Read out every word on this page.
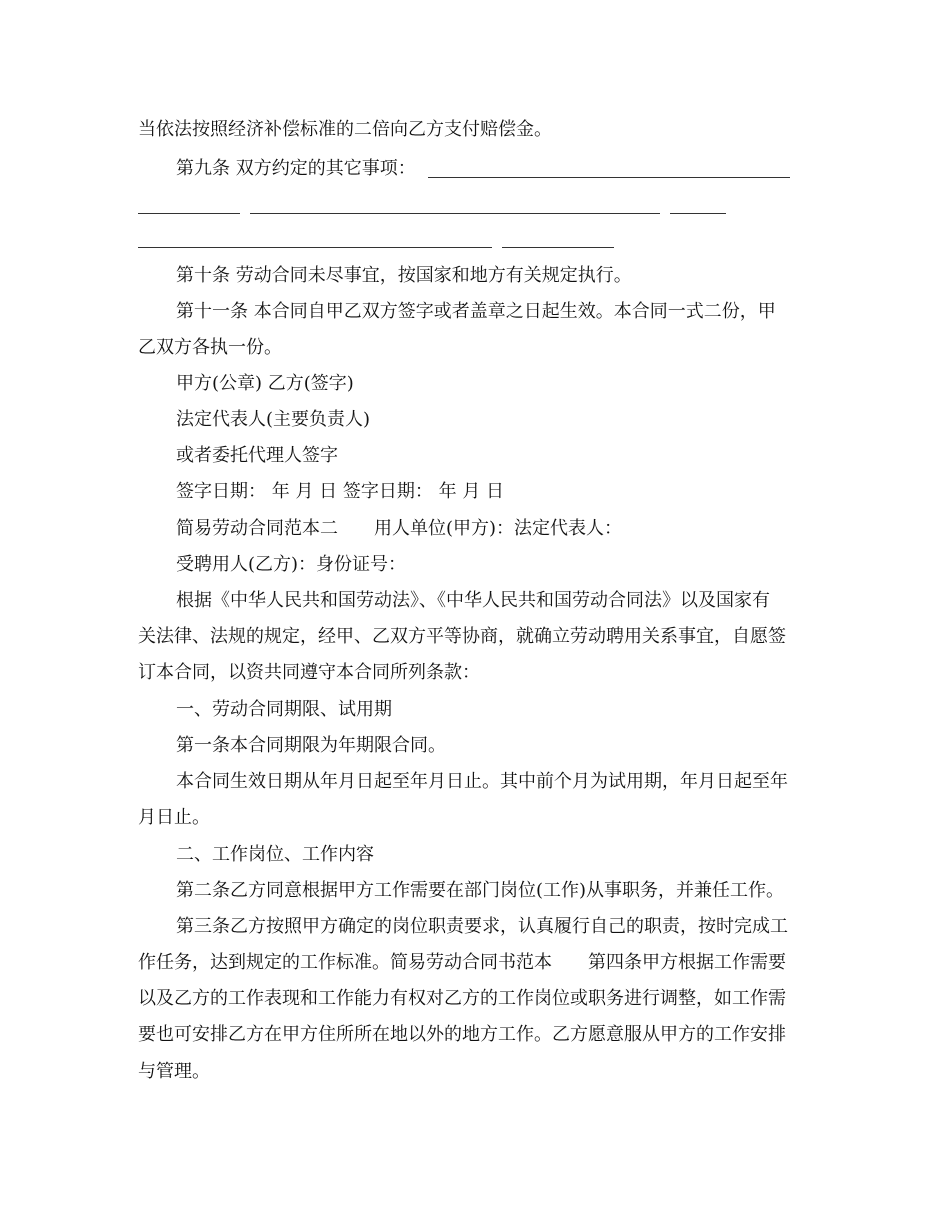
当依法按照经济补偿标准的二倍向乙方支付赔偿金。
第九条 双方约定的其它事项：
第十条 劳动合同未尽事宜，按国家和地方有关规定执行。
第十一条 本合同自甲乙双方签字或者盖章之日起生效。本合同一式二份，甲
乙双方各执一份。
甲方(公章) 乙方(签字)
法定代表人(主要负责人)
或者委托代理人签字
签字日期： 年 月 日 签字日期： 年 月 日
简易劳动合同范本二　　用人单位(甲方)：法定代表人：
受聘用人(乙方)：身份证号：
根据《中华人民共和国劳动法》、《中华人民共和国劳动合同法》以及国家有
关法律、法规的规定，经甲、乙双方平等协商，就确立劳动聘用关系事宜，自愿签
订本合同，以资共同遵守本合同所列条款：
一、劳动合同期限、试用期
第一条本合同期限为年期限合同。
本合同生效日期从年月日起至年月日止。其中前个月为试用期，年月日起至年
月日止。
二、工作岗位、工作内容
第二条乙方同意根据甲方工作需要在部门岗位(工作)从事职务，并兼任工作。
第三条乙方按照甲方确定的岗位职责要求，认真履行自己的职责，按时完成工
作任务，达到规定的工作标准。简易劳动合同书范本　　第四条甲方根据工作需要
以及乙方的工作表现和工作能力有权对乙方的工作岗位或职务进行调整，如工作需
要也可安排乙方在甲方住所所在地以外的地方工作。乙方愿意服从甲方的工作安排
与管理。
